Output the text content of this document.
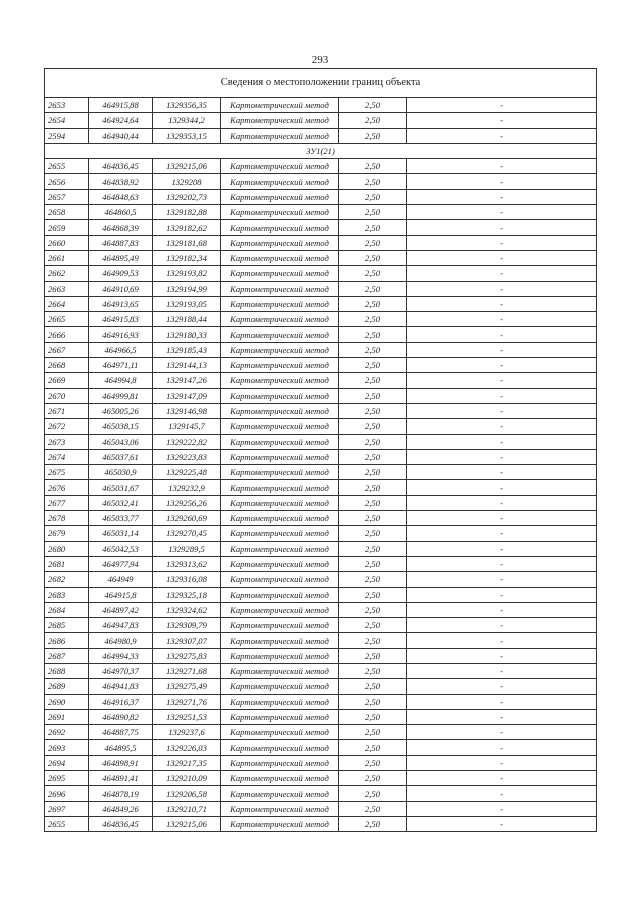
293
Сведения о местоположении границ объекта					
2653	464915,88	1329356,35	Картометрический метод	2,50	-
2654	464924,64	1329344,2	Картометрический метод	2,50	-
2594	464940,44	1329353,15	Картометрический метод	2,50	-
ЗУ1(21)					
2655	464836,45	1329215,06	Картометрический метод	2,50	-
2656	464838,92	1329208	Картометрический метод	2,50	-
2657	464848,63	1329202,73	Картометрический метод	2,50	-
2658	464860,5	1329182,88	Картометрический метод	2,50	-
2659	464868,39	1329182,62	Картометрический метод	2,50	-
2660	464887,83	1329181,68	Картометрический метод	2,50	-
2661	464895,49	1329182,34	Картометрический метод	2,50	-
2662	464909,53	1329193,82	Картометрический метод	2,50	-
2663	464910,69	1329194,99	Картометрический метод	2,50	-
2664	464913,65	1329193,05	Картометрический метод	2,50	-
2665	464915,83	1329188,44	Картометрический метод	2,50	-
2666	464916,93	1329180,33	Картометрический метод	2,50	-
2667	464966,5	1329185,43	Картометрический метод	2,50	-
2668	464971,11	1329144,13	Картометрический метод	2,50	-
2669	464994,8	1329147,26	Картометрический метод	2,50	-
2670	464999,81	1329147,09	Картометрический метод	2,50	-
2671	465005,26	1329146,98	Картометрический метод	2,50	-
2672	465038,15	1329145,7	Картометрический метод	2,50	-
2673	465043,06	1329222,82	Картометрический метод	2,50	-
2674	465037,61	1329223,83	Картометрический метод	2,50	-
2675	465030,9	1329225,48	Картометрический метод	2,50	-
2676	465031,67	1329232,9	Картометрический метод	2,50	-
2677	465032,41	1329256,26	Картометрический метод	2,50	-
2678	465033,77	1329260,69	Картометрический метод	2,50	-
2679	465031,14	1329270,45	Картометрический метод	2,50	-
2680	465042,53	1329289,5	Картометрический метод	2,50	-
2681	464977,94	1329313,62	Картометрический метод	2,50	-
2682	464949	1329316,08	Картометрический метод	2,50	-
2683	464915,8	1329325,18	Картометрический метод	2,50	-
2684	464897,42	1329324,62	Картометрический метод	2,50	-
2685	464947,83	1329309,79	Картометрический метод	2,50	-
2686	464980,9	1329307,07	Картометрический метод	2,50	-
2687	464994,33	1329275,83	Картометрический метод	2,50	-
2688	464970,37	1329271,68	Картометрический метод	2,50	-
2689	464941,83	1329275,49	Картометрический метод	2,50	-
2690	464916,37	1329271,76	Картометрический метод	2,50	-
2691	464890,82	1329251,53	Картометрический метод	2,50	-
2692	464887,75	1329237,6	Картометрический метод	2,50	-
2693	464895,5	1329226,03	Картометрический метод	2,50	-
2694	464898,91	1329217,35	Картометрический метод	2,50	-
2695	464891,41	1329210,09	Картометрический метод	2,50	-
2696	464878,19	1329206,58	Картометрический метод	2,50	-
2697	464849,26	1329210,71	Картометрический метод	2,50	-
2655	464836,45	1329215,06	Картометрический метод	2,50	-
